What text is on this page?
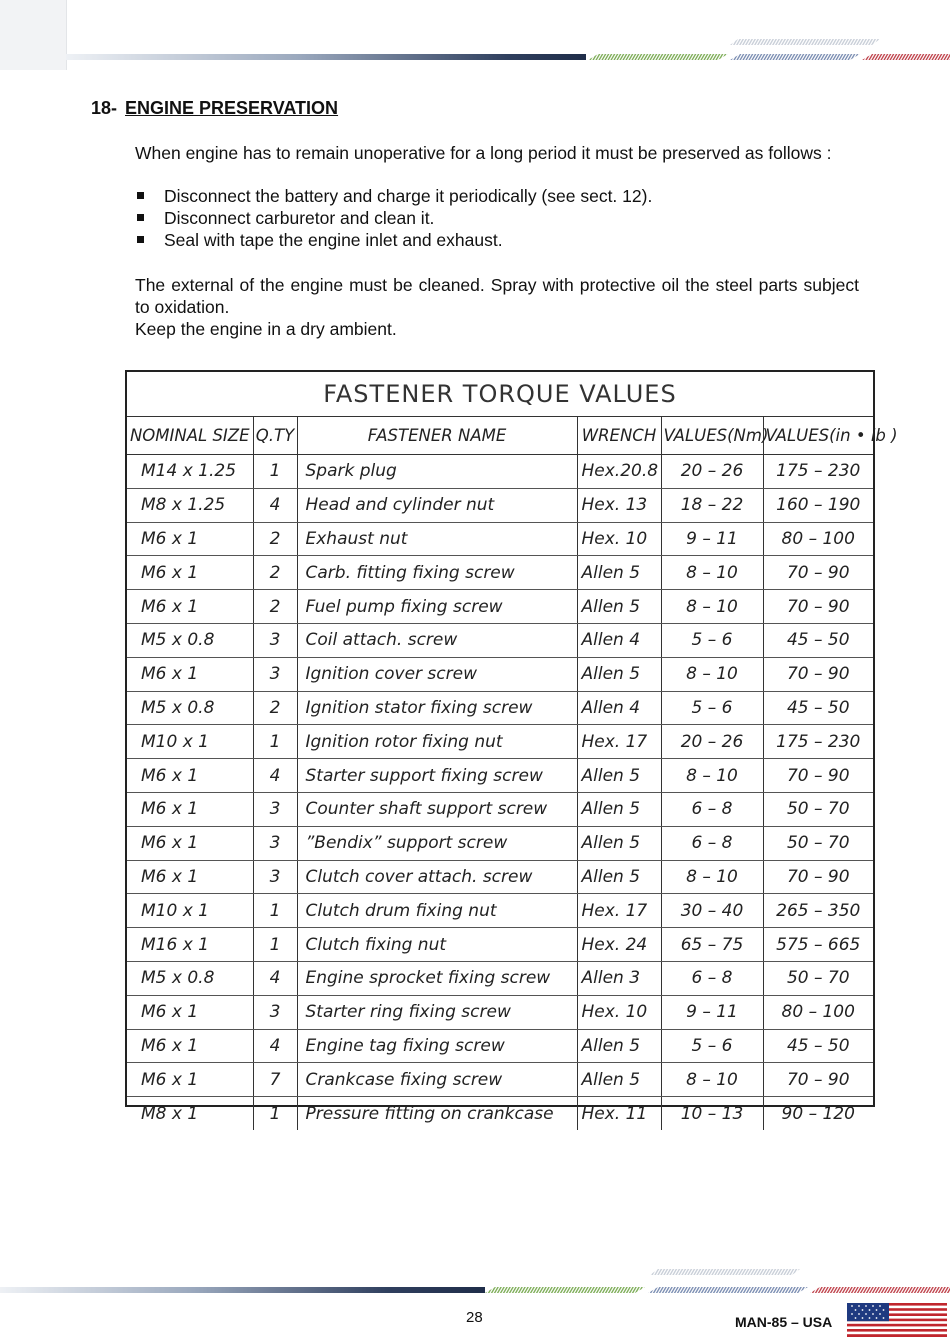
18- ENGINE PRESERVATION
When engine has to remain unoperative for a long period it must be preserved as follows :
Disconnect the battery and charge it periodically (see sect. 12).
Disconnect carburetor and clean it.
Seal with tape the engine inlet and exhaust.
The external of the engine must be cleaned. Spray with protective oil the steel parts subject to oxidation.
Keep the engine in a dry ambient.
FASTENER TORQUE VALUES
NOMINAL SIZE	Q.TY	FASTENER NAME	WRENCH	VALUES(Nm)	VALUES(in • lb )
M14 x 1.25	1	Spark plug	Hex.20.8	20 – 26	175 – 230
M8 x 1.25	4	Head and cylinder nut	Hex. 13	18 – 22	160 – 190
M6 x 1	2	Exhaust nut	Hex. 10	9 – 11	80 – 100
M6 x 1	2	Carb. fitting fixing screw	Allen 5	8 – 10	70 – 90
M6 x 1	2	Fuel pump fixing screw	Allen 5	8 – 10	70 – 90
M5 x 0.8	3	Coil attach. screw	Allen 4	5 – 6	45 – 50
M6 x 1	3	Ignition cover screw	Allen 5	8 – 10	70 – 90
M5 x 0.8	2	Ignition stator fixing screw	Allen 4	5 – 6	45 – 50
M10 x 1	1	Ignition rotor fixing nut	Hex. 17	20 – 26	175 – 230
M6 x 1	4	Starter support fixing screw	Allen 5	8 – 10	70 – 90
M6 x 1	3	Counter shaft support screw	Allen 5	6 – 8	50 – 70
M6 x 1	3	”Bendix” support screw	Allen 5	6 – 8	50 – 70
M6 x 1	3	Clutch cover attach. screw	Allen 5	8 – 10	70 – 90
M10 x 1	1	Clutch drum fixing nut	Hex. 17	30 – 40	265 – 350
M16 x 1	1	Clutch fixing nut	Hex. 24	65 – 75	575 – 665
M5 x 0.8	4	Engine sprocket fixing screw	Allen 3	6 – 8	50 – 70
M6 x 1	3	Starter ring fixing screw	Hex. 10	9 – 11	80 – 100
M6 x 1	4	Engine tag fixing screw	Allen 5	5 – 6	45 – 50
M6 x 1	7	Crankcase fixing screw	Allen 5	8 – 10	70 – 90
M8 x 1	1	Pressure fitting on crankcase	Hex. 11	10 – 13	90 – 120
28	MAN-85 – USA
